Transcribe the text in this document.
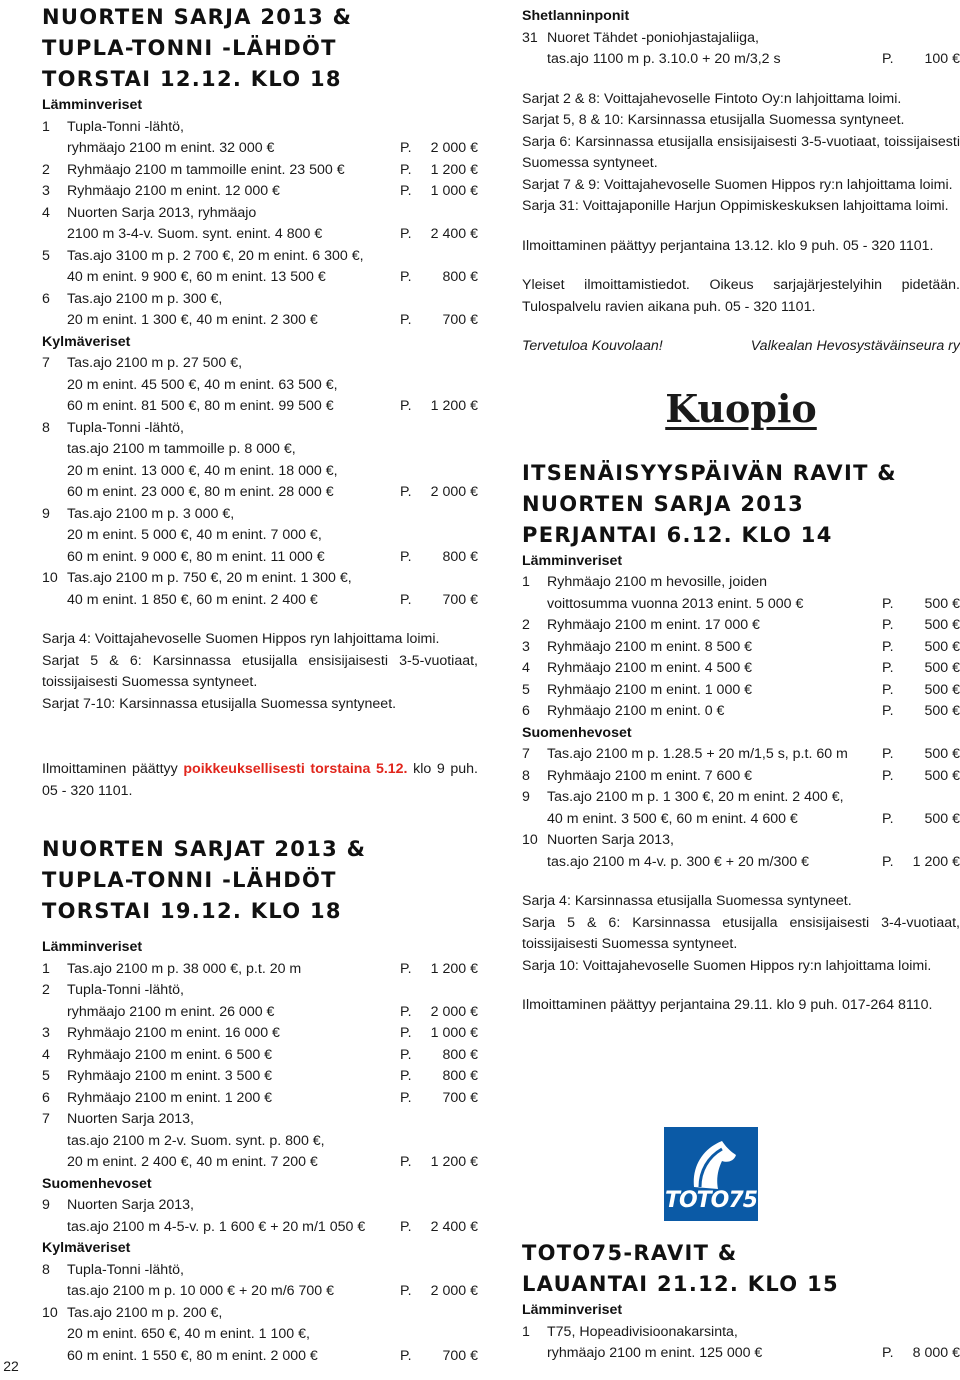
NUORTEN SARJA 2013 &
TUPLA-TONNI -LÄHDÖT
TORSTAI 12.12. KLO 18
Lämminveriset
1	Tupla-Tonni -lähtö,
ryhmäajo 2100 m enint. 32 000 €	P. 2 000 €
2	Ryhmäajo 2100 m tammoille enint. 23 500 €	P. 1 200 €
3	Ryhmäajo 2100 m enint. 12 000 €	P. 1 000 €
4	Nuorten Sarja 2013, ryhmäajo
2100 m 3-4-v. Suom. synt. enint. 4 800 €	P. 2 400 €
5	Tas.ajo 3100 m p. 2 700 €, 20 m enint. 6 300 €,
40 m enint. 9 900 €, 60 m enint. 13 500 €	P. 800 €
6	Tas.ajo 2100 m p. 300 €,
20 m enint. 1 300 €, 40 m enint. 2 300 €	P. 700 €
Kylmäveriset
7	Tas.ajo 2100 m p. 27 500 €,
20 m enint. 45 500 €, 40 m enint. 63 500 €,
60 m enint. 81 500 €, 80 m enint. 99 500 €	P. 1 200 €
8	Tupla-Tonni -lähtö,
tas.ajo 2100 m tammoille p. 8 000 €,
20 m enint. 13 000 €, 40 m enint. 18 000 €,
60 m enint. 23 000 €, 80 m enint. 28 000 €	P. 2 000 €
9	Tas.ajo 2100 m p. 3 000 €,
20 m enint. 5 000 €, 40 m enint. 7 000 €,
60 m enint. 9 000 €, 80 m enint. 11 000 €	P. 800 €
10 Tas.ajo 2100 m p. 750 €, 20 m enint. 1 300 €,
40 m enint. 1 850 €, 60 m enint. 2 400 €	P. 700 €

Sarja 4: Voittajahevoselle Suomen Hippos ryn lahjoittama loimi.

Sarjat 5 & 6: Karsinnassa etusijalla ensisijaisesti 3-5-vuotiaat, toissijaisesti Suomessa syntyneet.

Sarjat 7-10: Karsinnassa etusijalla Suomessa syntyneet.

Ilmoittaminen päättyy poikkeuksellisesti torstaina 5.12. klo 9 puh. 05 - 320 1101.

NUORTEN SARJAT 2013 &
TUPLA-TONNI -LÄHDÖT
TORSTAI 19.12. KLO 18
Lämminveriset
1	Tas.ajo 2100 m p. 38 000 €, p.t. 20 m	P. 1 200 €
2	Tupla-Tonni -lähtö,
ryhmäajo 2100 m enint. 26 000 €	P. 2 000 €
3	Ryhmäajo 2100 m enint. 16 000 €	P. 1 000 €
4	Ryhmäajo 2100 m enint. 6 500 €	P. 800 €
5	Ryhmäajo 2100 m enint. 3 500 €	P. 800 €
6	Ryhmäajo 2100 m enint. 1 200 €	P. 700 €
7	Nuorten Sarja 2013,
tas.ajo 2100 m 2-v. Suom. synt. p. 800 €,
20 m enint. 2 400 €, 40 m enint. 7 200 €	P. 1 200 €
Suomenhevoset
9	Nuorten Sarja 2013,
tas.ajo 2100 m 4-5-v. p. 1 600 € + 20 m/1 050 €	P. 2 400 €
Kylmäveriset
8	Tupla-Tonni -lähtö,
tas.ajo 2100 m p. 10 000 € + 20 m/6 700 €	P. 2 000 €
10 Tas.ajo 2100 m p. 200 €,
20 m enint. 650 €, 40 m enint. 1 100 €,
60 m enint. 1 550 €, 80 m enint. 2 000 €	P. 700 €
Shetlanninponit
31 Nuoret Tähdet -poniohjastajaliiga,
tas.ajo 1100 m p. 3.10.0 + 20 m/3,2 s	P. 100 €

Sarjat 2 & 8: Voittajahevoselle Fintoto Oy:n lahjoittama loimi.

Sarjat 5, 8 & 10: Karsinnassa etusijalla Suomessa syntyneet.

Sarja 6: Karsinnassa etusijalla ensisijaisesti 3-5-vuotiaat, toissijaisesti Suomessa syntyneet.

Sarjat 7 & 9: Voittajahevoselle Suomen Hippos ry:n lahjoittama loimi.

Sarja 31: Voittajaponille Harjun Oppimiskeskuksen lahjoittama loimi.

Ilmoittaminen päättyy perjantaina 13.12. klo 9 puh. 05 - 320 1101.

Yleiset ilmoittamistiedot. Oikeus sarjajärjestelyihin pidetään. Tulospalvelu ravien aikana puh. 05 - 320 1101.

Tervetuloa Kouvolaan!	Valkealan Hevosystäväinseura ry
Kuopio
ITSENÄISYYSPÄIVÄN RAVIT &
NUORTEN SARJA 2013
PERJANTAI 6.12. KLO 14
Lämminveriset
1	Ryhmäajo 2100 m hevosille, joiden
voittosumma vuonna 2013 enint. 5 000 €	P. 500 €
2	Ryhmäajo 2100 m enint. 17 000 €	P. 500 €
3	Ryhmäajo 2100 m enint. 8 500 €	P. 500 €
4	Ryhmäajo 2100 m enint. 4 500 €	P. 500 €
5	Ryhmäajo 2100 m enint. 1 000 €	P. 500 €
6	Ryhmäajo 2100 m enint. 0 €	P. 500 €
Suomenhevoset
7	Tas.ajo 2100 m p. 1.28.5 + 20 m/1,5 s, p.t. 60 m	P. 500 €
8	Ryhmäajo 2100 m enint. 7 600 €	P. 500 €
9	Tas.ajo 2100 m p. 1 300 €, 20 m enint. 2 400 €,
40 m enint. 3 500 €, 60 m enint. 4 600 €	P. 500 €
10 Nuorten Sarja 2013,
tas.ajo 2100 m 4-v. p. 300 € + 20 m/300 €	P. 1 200 €

Sarja 4: Karsinnassa etusijalla Suomessa syntyneet.

Sarja 5 & 6: Karsinnassa etusijalla ensisijaisesti 3-4-vuotiaat, toissijaisesti Suomessa syntyneet.

Sarja 10: Voittajahevoselle Suomen Hippos ry:n lahjoittama loimi.

Ilmoittaminen päättyy perjantaina 29.11. klo 9 puh. 017-264 8110.

TOTO75
TOTO75-RAVIT &
LAUANTAI 21.12. KLO 15
Lämminveriset
1	T75, Hopeadivisioonakarsinta,
ryhmäajo 2100 m enint. 125 000 €	P. 8 000 €
22
